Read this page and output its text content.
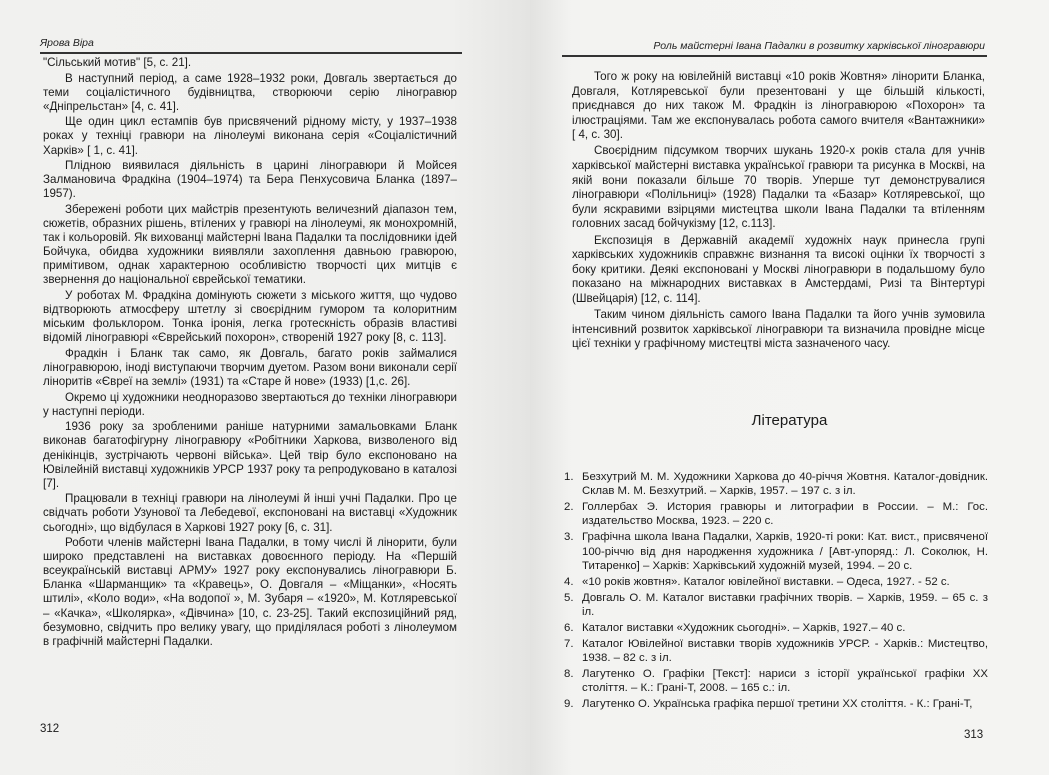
Ярова Віра

"Сільський мотив" [5, с. 21].

В наступний період, а саме 1928–1932 роки, Довгаль звертається до теми соціалістичного будівництва, створюючи серію ліногравюр «Дніпрельстан» [4, с. 41].

Ще один цикл естампів був присвячений рідному місту, у 1937–1938 роках у техніці гравюри на лінолеумі виконана серія «Соціалістичний Харків» [ 1, с. 41].

Плідною виявилася діяльність в царині ліногравюри й Мойсея Залмановича Фрадкіна (1904–1974) та Бера Пенхусовича Бланка (1897–1957).

Збережені роботи цих майстрів презентують величезний діапазон тем, сюжетів, образних рішень, втілених у гравюрі на лінолеумі, як монохромній, так і кольоровій. Як вихованці майстерні Івана Падалки та послідовники ідей Бойчука, обидва художники виявляли захоплення давньою гравюрою, примітивом, однак характерною особливістю творчості цих митців є звернення до національної єврейської тематики.

У роботах М. Фрадкіна домінують сюжети з міського життя, що чудово відтворюють атмосферу штетлу зі своєрідним гумором та колоритним міським фольклором. Тонка іронія, легка гротескність образів властиві відомій ліногравюрі «Єврейський похорон», створеній 1927 року [8, с. 113].

Фрадкін і Бланк так само, як Довгаль, багато років займалися ліногравюрою, іноді виступаючи творчим дуетом. Разом вони виконали серії ліноритів «Євреї на землі» (1931) та «Старе й нове» (1933) [1,с. 26].

Окремо ці художники неодноразово звертаються до техніки ліногравюри у наступні періоди.

1936 року за зробленими раніше натурними замальовками Бланк виконав багатофігурну ліногравюру «Робітники Харкова, визволеного від денікінців, зустрічають червоні війська». Цей твір було експоновано на Ювілейній виставці художників УРСР 1937 року та репродуковано в каталозі [7].

Працювали в техніці гравюри на лінолеумі й інші учні Падалки. Про це свідчать роботи Узунової та Лебедевої, експоновані на виставці «Художник сьогодні», що відбулася в Харкові 1927 року [6, с. 31].

Роботи членів майстерні Івана Падалки, в тому числі й лінорити, були широко представлені на виставках довоєнного періоду. На «Першій всеукраїнській виставці АРМУ» 1927 року експонувались ліногравюри Б. Бланка «Шарманщик» та «Кравець», О. Довгаля – «Міщанки», «Носять штилі», «Коло води», «На водопої », М. Зубаря – «1920», М. Котляревської – «Качка», «Школярка», «Дівчина» [10, с. 23-25]. Такий експозиційний ряд, безумовно, свідчить про велику увагу, що приділялася роботі з лінолеумом в графічній майстерні Падалки.

312
Роль майстерні Івана Падалки в розвитку харківської ліногравюри

Того ж року на ювілейній виставці «10 років Жовтня» лінорити Бланка, Довгаля, Котляревської були презентовані у ще більшій кількості, приєднався до них також М. Фрадкін із ліногравюрою «Похорон» та ілюстраціями. Там же експонувалась робота самого вчителя «Вантажники» [ 4, с. 30].

Своєрідним підсумком творчих шукань 1920-х років стала для учнів харківської майстерні виставка української гравюри та рисунка в Москві, на якій вони показали більше 70 творів. Уперше тут демонструвалися ліногравюри «Полільниці» (1928) Падалки та «Базар» Котляревської, що були яскравими взірцями мистецтва школи Івана Падалки та втіленням головних засад бойчукізму [12, с.113].

Експозиція в Державній академії художніх наук принесла групі харківських художників справжнє визнання та високі оцінки їх творчості з боку критики. Деякі експоновані у Москві ліногравюри в подальшому було показано на міжнародних виставках в Амстердамі, Ризі та Вінтертурі (Швейцарія) [12, с. 114].

Таким чином діяльність самого Івана Падалки та його учнів зумовила інтенсивний розвиток харківської ліногравюри та визначила провідне місце цієї техніки у графічному мистецтві міста зазначеного часу.

Література
1. Безхутрий М. М. Художники Харкова до 40-річчя Жовтня. Каталог-довідник. Склав М. М. Безхутрий. – Харків, 1957. – 197 с. з іл.
2. Голлербах Э. История гравюры и литографии в России. – М.: Гос. издательство Москва, 1923. – 220 с.
3. Графічна школа Івана Падалки, Харків, 1920-ті роки: Кат. вист., присвяченої 100-річчю від дня народження художника / [Авт-упоряд.: Л. Соколюк, Н. Титаренко] – Харків: Харківський художній музей, 1994. – 20 с.
4. «10 років жовтня». Каталог ювілейної виставки. – Одеса, 1927. - 52 с.
5. Довгаль О. М. Каталог виставки графічних творів. – Харків, 1959. – 65 с. з іл.
6. Каталог виставки «Художник сьогодні». – Харків, 1927.– 40 с.
7. Каталог Ювілейної виставки творів художників УРСР. - Харків.: Мистецтво, 1938. – 82 с. з іл.
8. Лагутенко О. Графіки [Текст]: нариси з історії української графіки ХХ століття. – К.: Грані-Т, 2008. – 165 с.: іл.
9. Лагутенко О. Українська графіка першої третини ХХ століття. - К.: Грані-Т,
313
